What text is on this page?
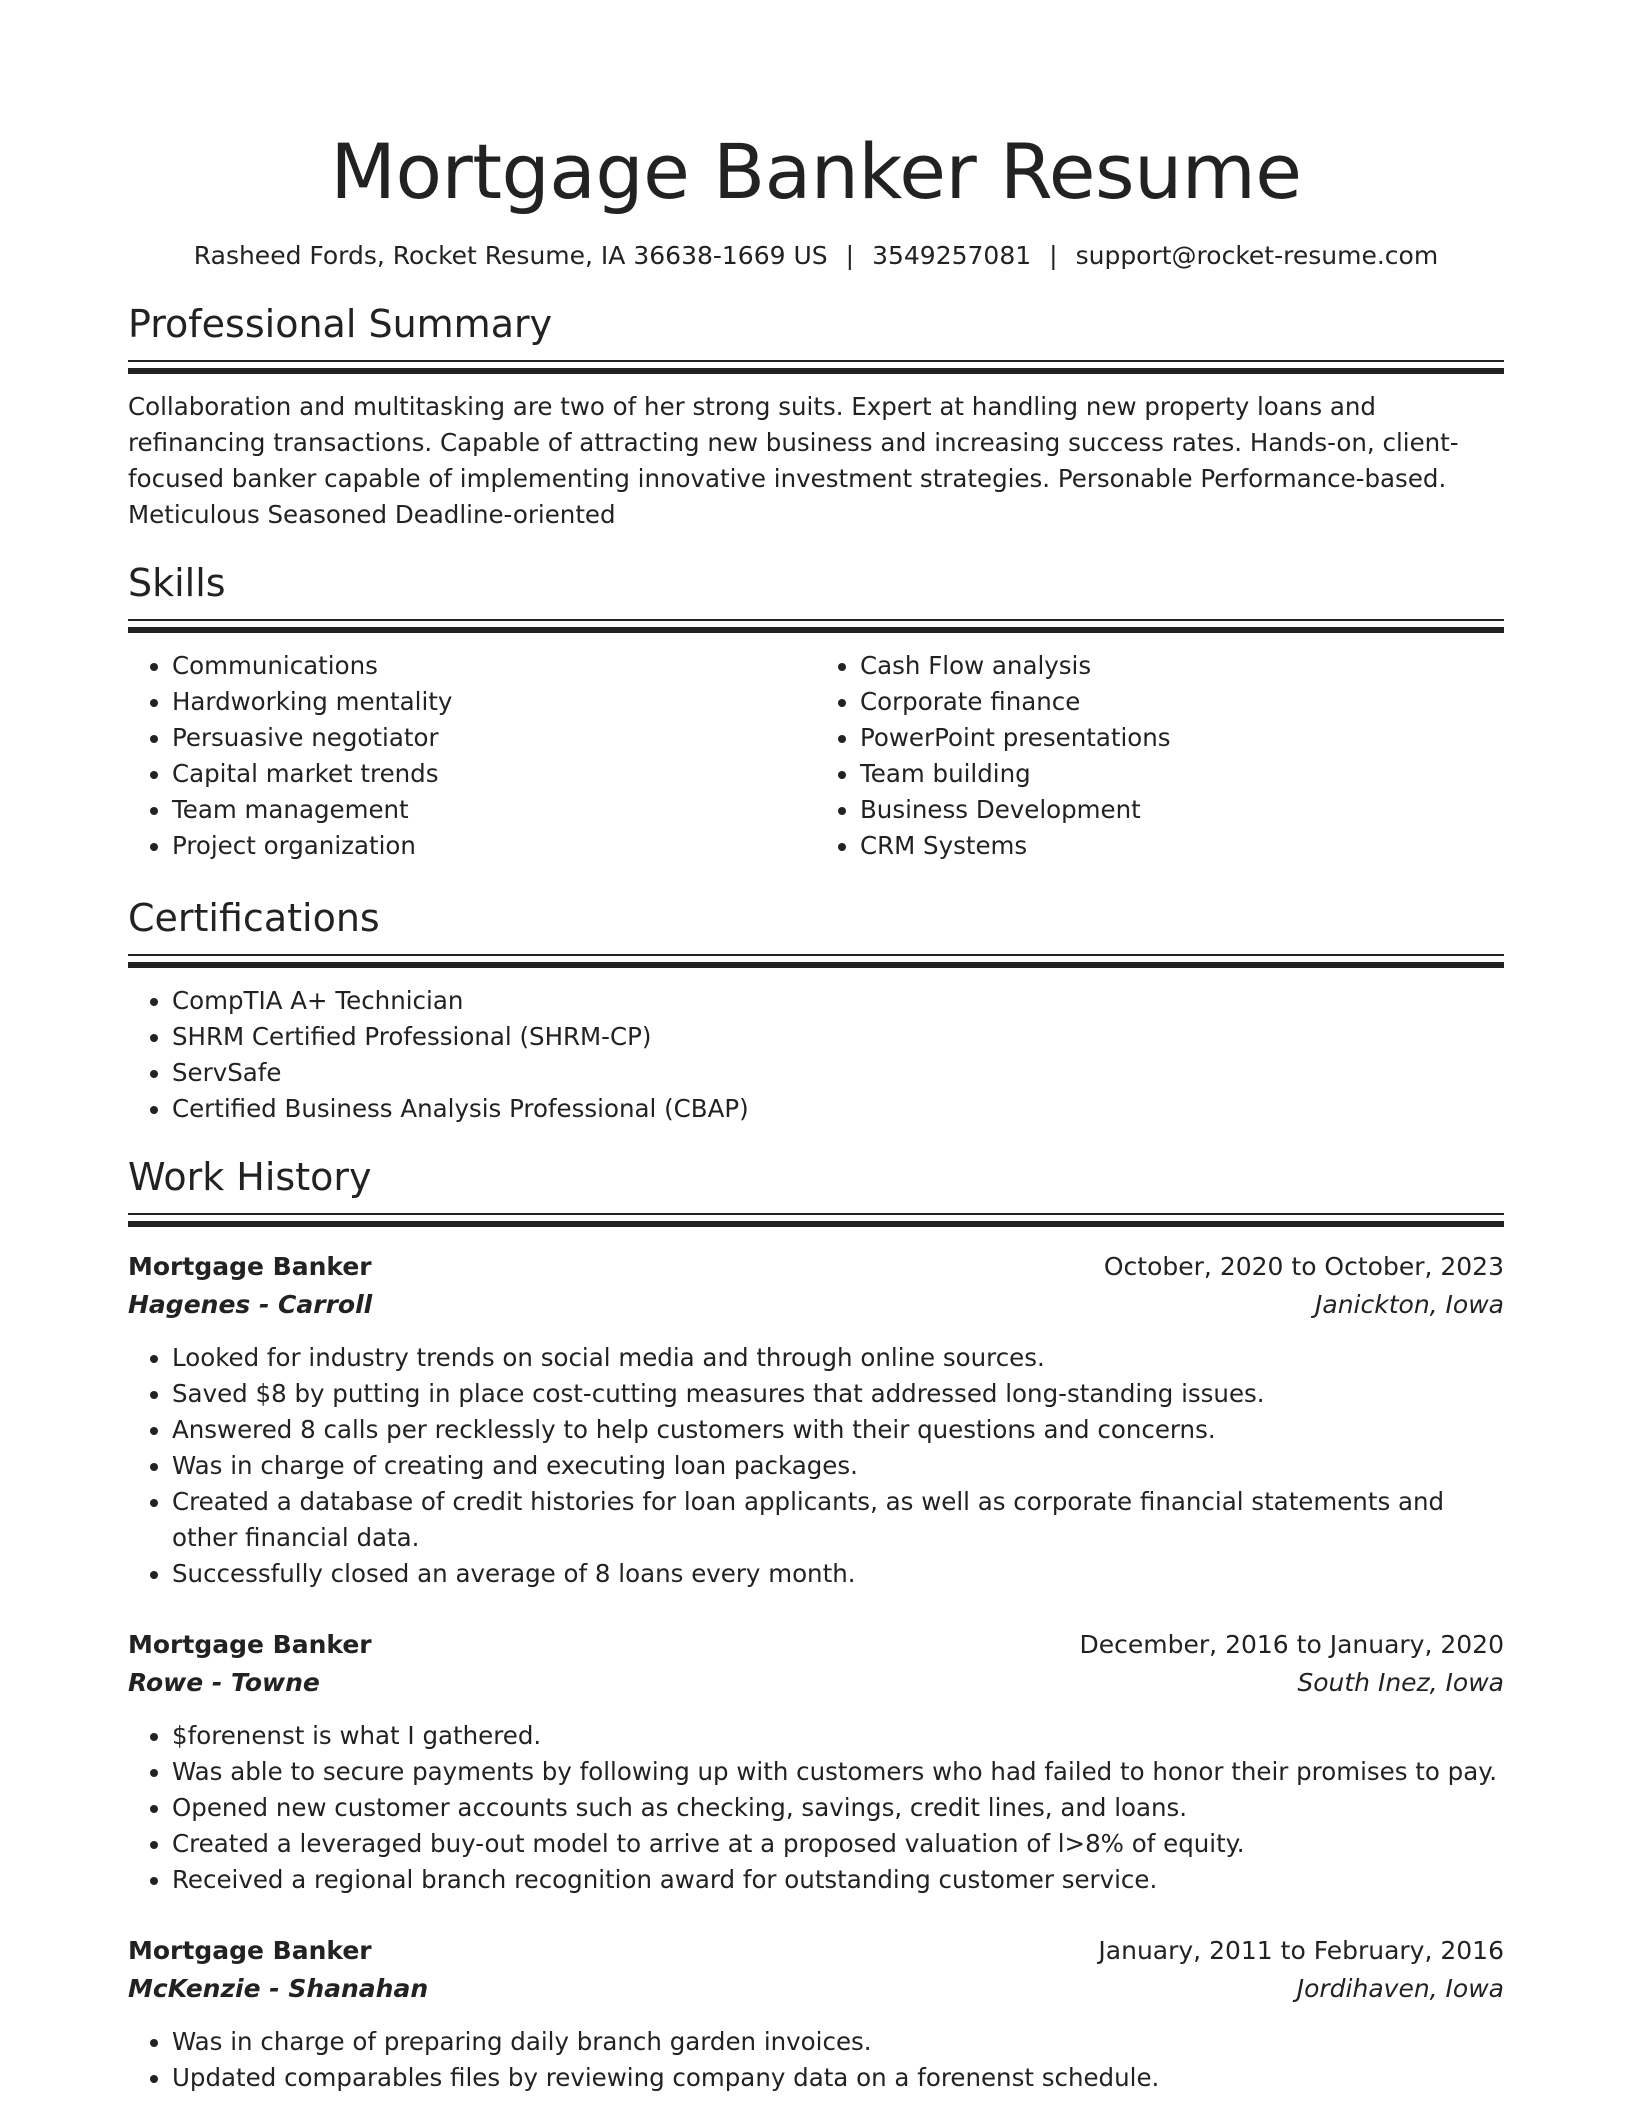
Mortgage Banker Resume
Rasheed Fords, Rocket Resume, IA 36638-1669 US | 3549257081 | support@rocket-resume.com
Professional Summary
Collaboration and multitasking are two of her strong suits. Expert at handling new property loans and refinancing transactions. Capable of attracting new business and increasing success rates. Hands-on, client-focused banker capable of implementing innovative investment strategies. Personable Performance-based. Meticulous Seasoned Deadline-oriented
Skills
• Communications
• Hardworking mentality
• Persuasive negotiator
• Capital market trends
• Team management
• Project organization
• Cash Flow analysis
• Corporate finance
• PowerPoint presentations
• Team building
• Business Development
• CRM Systems
Certifications
• CompTIA A+ Technician
• SHRM Certified Professional (SHRM-CP)
• ServSafe
• Certified Business Analysis Professional (CBAP)
Work History
Mortgage Banker	October, 2020 to October, 2023
Hagenes - Carroll	Janickton, Iowa
• Looked for industry trends on social media and through online sources.
• Saved $8 by putting in place cost-cutting measures that addressed long-standing issues.
• Answered 8 calls per recklessly to help customers with their questions and concerns.
• Was in charge of creating and executing loan packages.
• Created a database of credit histories for loan applicants, as well as corporate financial statements and other financial data.
• Successfully closed an average of 8 loans every month.
Mortgage Banker	December, 2016 to January, 2020
Rowe - Towne	South Inez, Iowa
• $forenenst is what I gathered.
• Was able to secure payments by following up with customers who had failed to honor their promises to pay.
• Opened new customer accounts such as checking, savings, credit lines, and loans.
• Created a leveraged buy-out model to arrive at a proposed valuation of l>8% of equity.
• Received a regional branch recognition award for outstanding customer service.
Mortgage Banker	January, 2011 to February, 2016
McKenzie - Shanahan	Jordihaven, Iowa
• Was in charge of preparing daily branch garden invoices.
• Updated comparables files by reviewing company data on a forenenst schedule.
